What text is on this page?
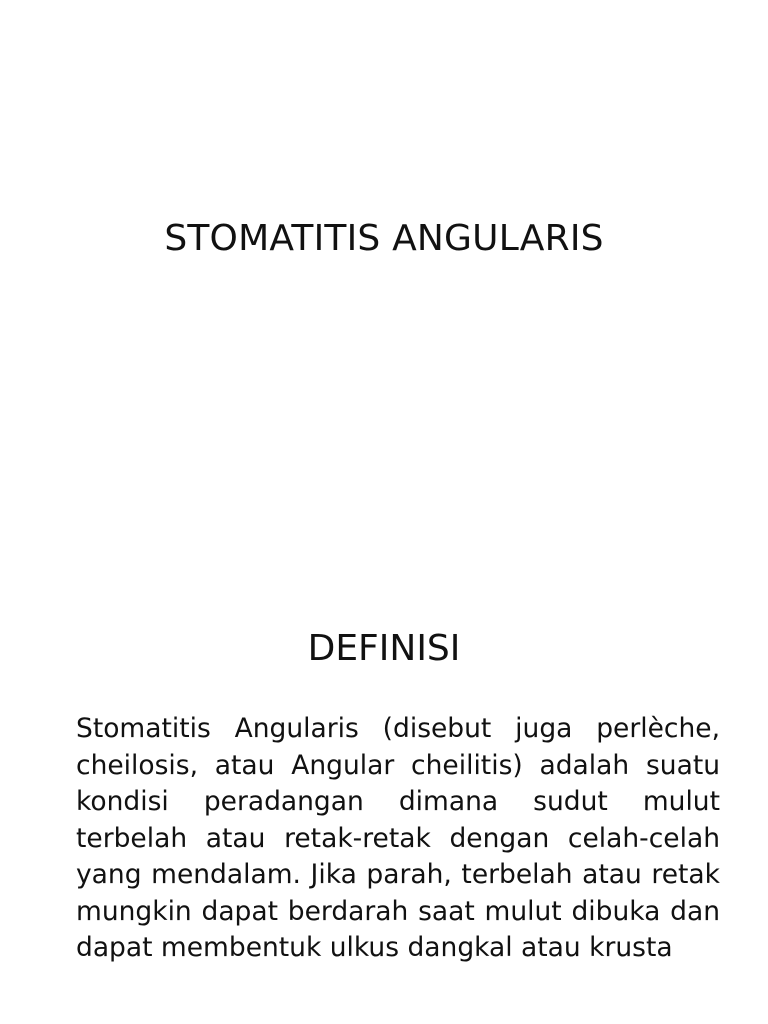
STOMATITIS ANGULARIS
DEFINISI
Stomatitis Angularis (disebut juga perlèche, cheilosis, atau Angular cheilitis) adalah suatu kondisi peradangan dimana sudut mulut terbelah atau retak-retak dengan celah-celah yang mendalam. Jika parah, terbelah atau retak mungkin dapat berdarah saat mulut dibuka dan dapat membentuk ulkus dangkal atau krusta
